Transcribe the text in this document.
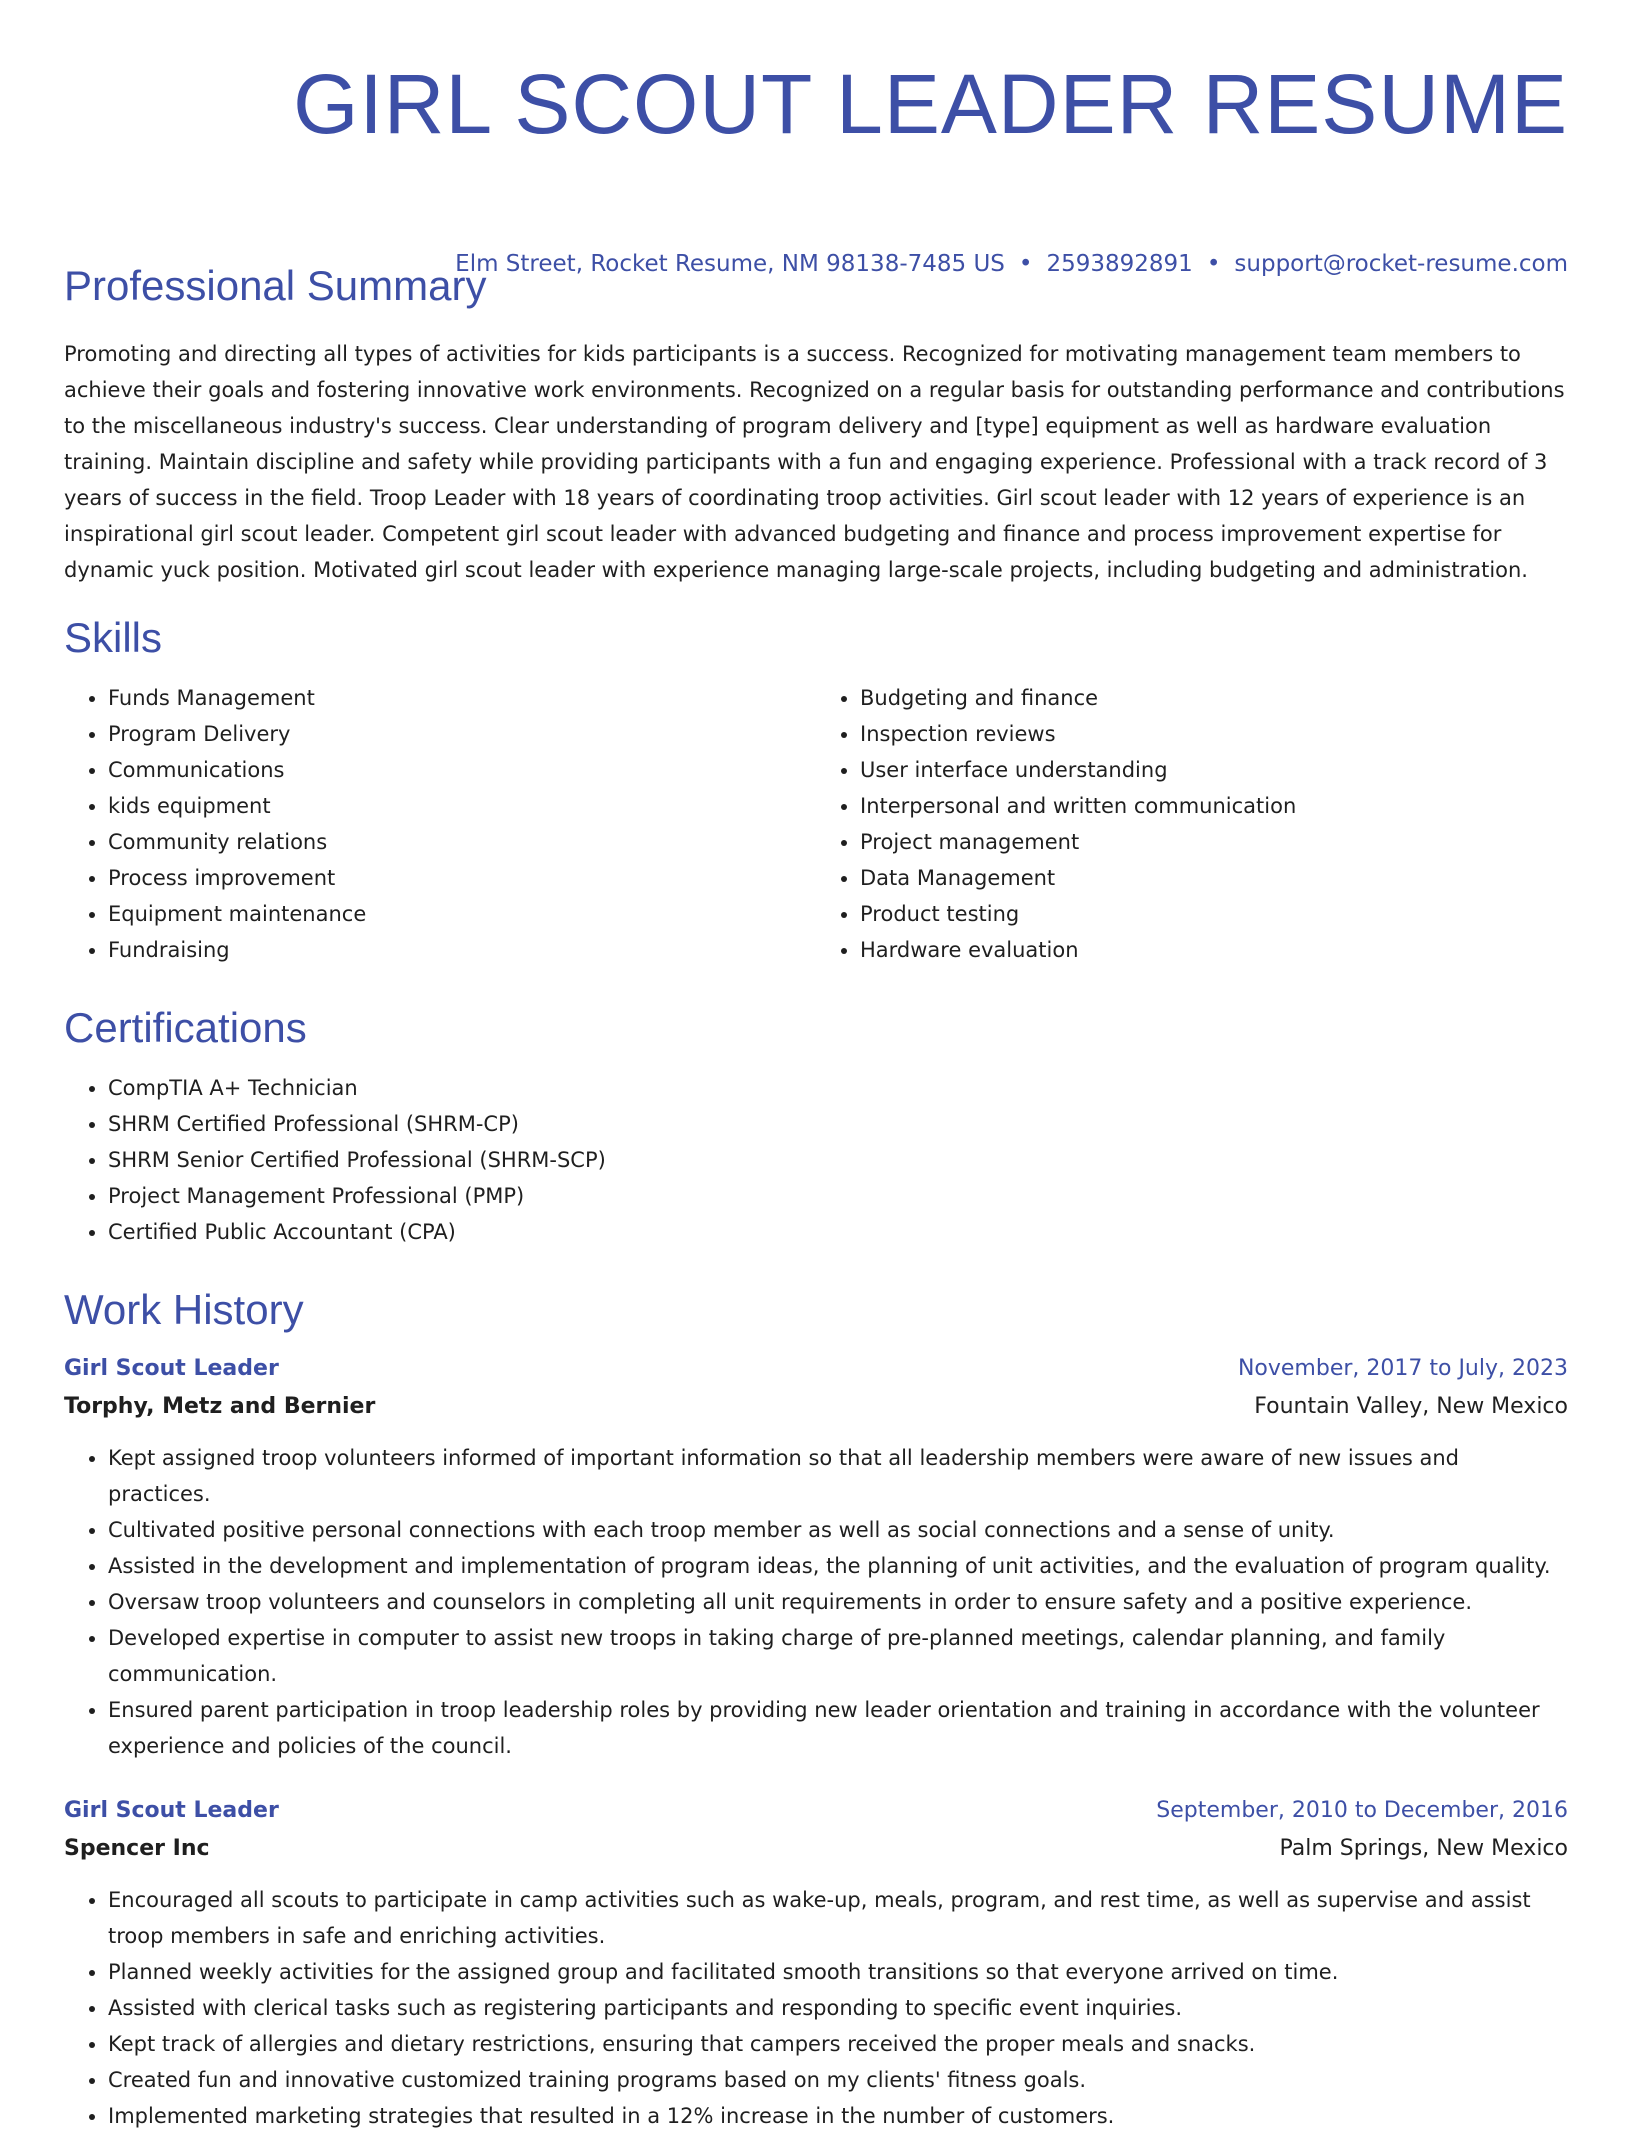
GIRL SCOUT LEADER RESUME
Elm Street, Rocket Resume, NM 98138-7485 US • 2593892891 • support@rocket-resume.com
Professional Summary

Promoting and directing all types of activities for kids participants is a success. Recognized for motivating management team members to achieve their goals and fostering innovative work environments. Recognized on a regular basis for outstanding performance and contributions to the miscellaneous industry's success. Clear understanding of program delivery and [type] equipment as well as hardware evaluation training. Maintain discipline and safety while providing participants with a fun and engaging experience. Professional with a track record of 3 years of success in the field. Troop Leader with 18 years of coordinating troop activities. Girl scout leader with 12 years of experience is an inspirational girl scout leader. Competent girl scout leader with advanced budgeting and finance and process improvement expertise for dynamic yuck position. Motivated girl scout leader with experience managing large-scale projects, including budgeting and administration.

Skills
• Funds Management
• Program Delivery
• Communications
• kids equipment
• Community relations
• Process improvement
• Equipment maintenance
• Fundraising
• Budgeting and finance
• Inspection reviews
• User interface understanding
• Interpersonal and written communication
• Project management
• Data Management
• Product testing
• Hardware evaluation
Certifications
• CompTIA A+ Technician
• SHRM Certified Professional (SHRM-CP)
• SHRM Senior Certified Professional (SHRM-SCP)
• Project Management Professional (PMP)
• Certified Public Accountant (CPA)
Work History
Girl Scout Leader	November, 2017 to July, 2023
Torphy, Metz and Bernier	Fountain Valley, New Mexico
• Kept assigned troop volunteers informed of important information so that all leadership members were aware of new issues and practices.
• Cultivated positive personal connections with each troop member as well as social connections and a sense of unity.
• Assisted in the development and implementation of program ideas, the planning of unit activities, and the evaluation of program quality.
• Oversaw troop volunteers and counselors in completing all unit requirements in order to ensure safety and a positive experience.
• Developed expertise in computer to assist new troops in taking charge of pre-planned meetings, calendar planning, and family communication.
• Ensured parent participation in troop leadership roles by providing new leader orientation and training in accordance with the volunteer experience and policies of the council.
Girl Scout Leader	September, 2010 to December, 2016
Spencer Inc	Palm Springs, New Mexico
• Encouraged all scouts to participate in camp activities such as wake-up, meals, program, and rest time, as well as supervise and assist troop members in safe and enriching activities.
• Planned weekly activities for the assigned group and facilitated smooth transitions so that everyone arrived on time.
• Assisted with clerical tasks such as registering participants and responding to specific event inquiries.
• Kept track of allergies and dietary restrictions, ensuring that campers received the proper meals and snacks.
• Created fun and innovative customized training programs based on my clients' fitness goals.
• Implemented marketing strategies that resulted in a 12% increase in the number of customers.
